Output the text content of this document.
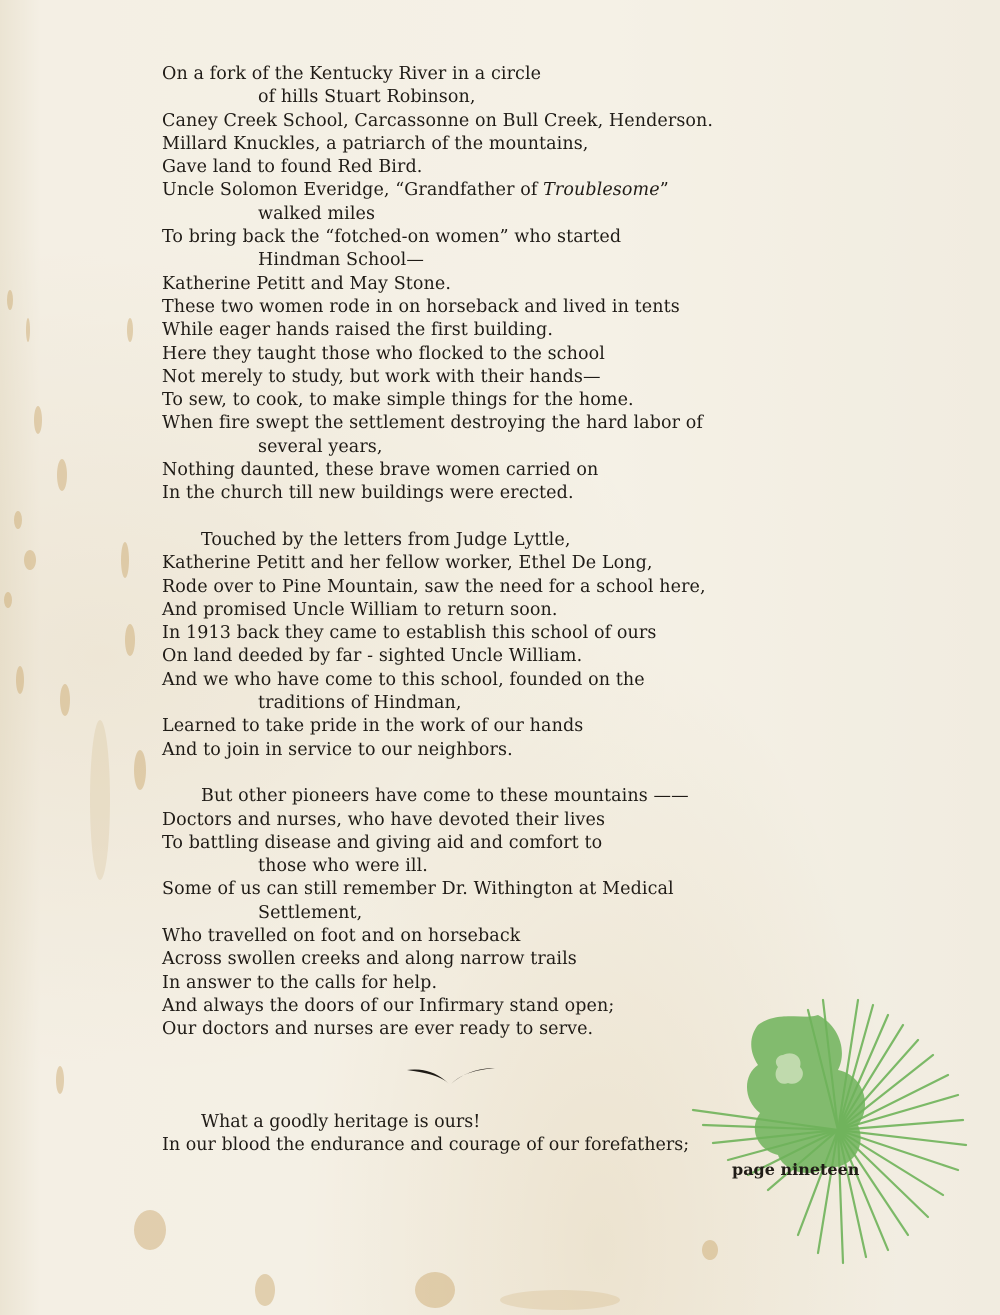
On a fork of the Kentucky River in a circle
of hills Stuart Robinson,
Caney Creek School, Carcassonne on Bull Creek, Henderson.
Millard Knuckles, a patriarch of the mountains,
Gave land to found Red Bird.
Uncle Solomon Everidge, “Grandfather of Troublesome”
walked miles
To bring back the “fotched-on women” who started
Hindman School—
Katherine Petitt and May Stone.
These two women rode in on horseback and lived in tents
While eager hands raised the first building.
Here they taught those who flocked to the school
Not merely to study, but work with their hands—
To sew, to cook, to make simple things for the home.
When fire swept the settlement destroying the hard labor of
several years,
Nothing daunted, these brave women carried on
In the church till new buildings were erected.
Touched by the letters from Judge Lyttle,
Katherine Petitt and her fellow worker, Ethel De Long,
Rode over to Pine Mountain, saw the need for a school here,
And promised Uncle William to return soon.
In 1913 back they came to establish this school of ours
On land deeded by far - sighted Uncle William.
And we who have come to this school, founded on the
traditions of Hindman,
Learned to take pride in the work of our hands
And to join in service to our neighbors.
But other pioneers have come to these mountains ——
Doctors and nurses, who have devoted their lives
To battling disease and giving aid and comfort to
those who were ill.
Some of us can still remember Dr. Withington at Medical
Settlement,
Who travelled on foot and on horseback
Across swollen creeks and along narrow trails
In answer to the calls for help.
And always the doors of our Infirmary stand open;
Our doctors and nurses are ever ready to serve.
What a goodly heritage is ours!
In our blood the endurance and courage of our forefathers;
page nineteen
